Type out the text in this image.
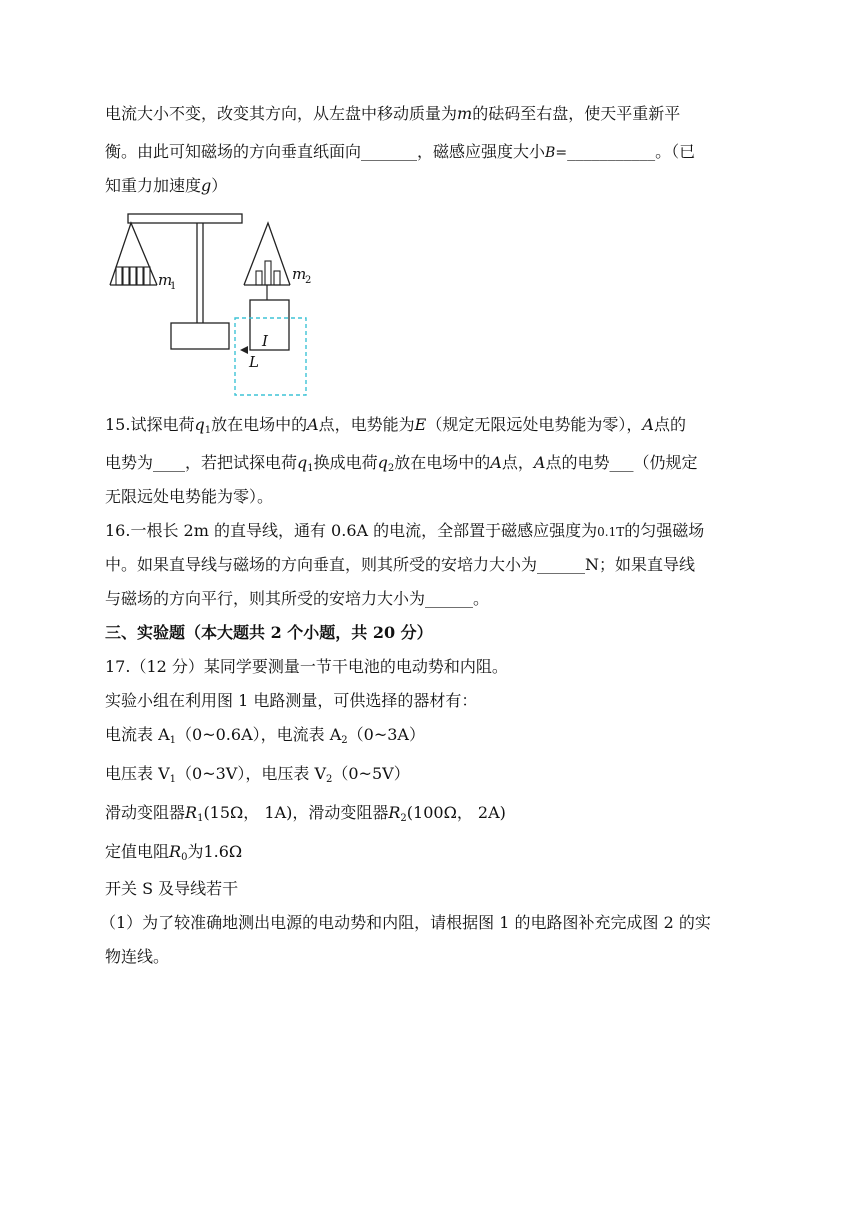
电流大小不变，改变其方向，从左盘中移动质量为m的砝码至右盘，使天平重新平
衡。由此可知磁场的方向垂直纸面向_______，磁感应强度大小B=___________。（已
知重力加速度g）
m
1
m
2
I
L
15.试探电荷$q_1$放在电场中的A点，电势能为E（规定无限远处电势能为零），A点的
电势为____，若把试探电荷$q_1$换成电荷$q_2$放在电场中的A点，A点的电势___（仍规定
无限远处电势能为零）。
16.一根长 2m 的直导线，通有 0.6A 的电流，全部置于磁感应强度为0.1T的匀强磁场
中。如果直导线与磁场的方向垂直，则其所受的安培力大小为______N；如果直导线
与磁场的方向平行，则其所受的安培力大小为______。
三、实验题（本大题共 2 个小题，共 20 分）
17.（12 分）某同学要测量一节干电池的电动势和内阻。
实验小组在利用图 1 电路测量，可供选择的器材有：
电流表 $A_1(0\sim 0.6A)$，电流表 $A_2(0\sim 3A)$
电压表 $V_1(0\sim 3V)$，电压表 $V_2(0\sim 5V)$
滑动变阻器$R_1(15\Omega$， 1A)，滑动变阻器$R_2(100\Omega$， 2A)
定值电阻$R_0$为1.6Ω
开关 S 及导线若干
（1）为了较准确地测出电源的电动势和内阻，请根据图 1 的电路图补充完成图 2 的实
物连线。
